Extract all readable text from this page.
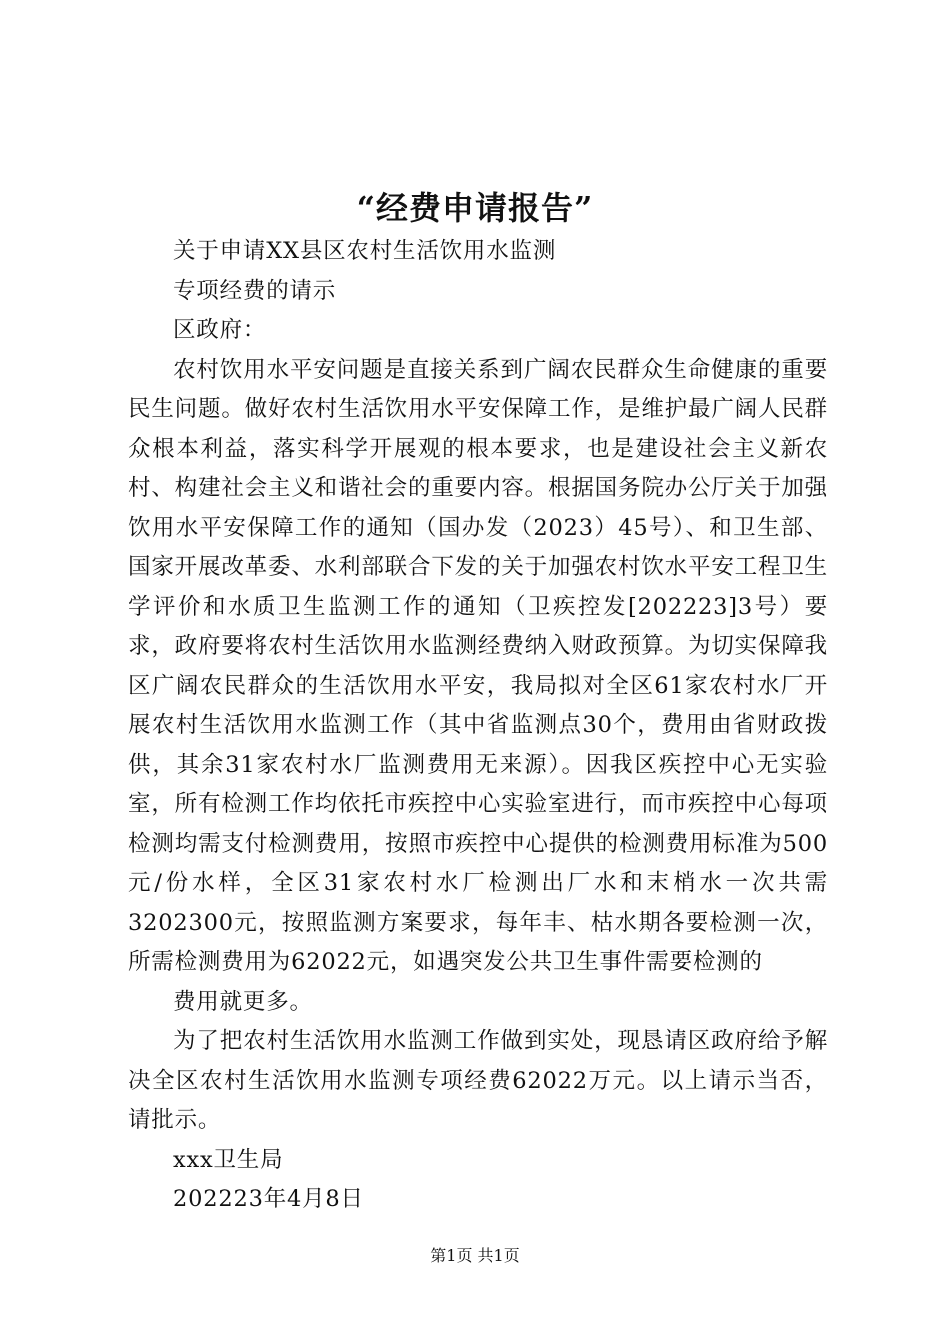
“经费申请报告”

关于申请XX县区农村生活饮用水监测

专项经费的请示

区政府：

农村饮用水平安问题是直接关系到广阔农民群众生命健康的重要民生问题。做好农村生活饮用水平安保障工作，是维护最广阔人民群众根本利益，落实科学开展观的根本要求，也是建设社会主义新农村、构建社会主义和谐社会的重要内容。根据国务院办公厅关于加强饮用水平安保障工作的通知（国办发（2023）45号）、和卫生部、国家开展改革委、水利部联合下发的关于加强农村饮水平安工程卫生学评价和水质卫生监测工作的通知（卫疾控发[202223]3号）要求，政府要将农村生活饮用水监测经费纳入财政预算。为切实保障我区广阔农民群众的生活饮用水平安，我局拟对全区61家农村水厂开展农村生活饮用水监测工作（其中省监测点30个，费用由省财政拨供，其余31家农村水厂监测费用无来源）。因我区疾控中心无实验室，所有检测工作均依托市疾控中心实验室进行，而市疾控中心每项检测均需支付检测费用，按照市疾控中心提供的检测费用标准为500元/份水样，全区31家农村水厂检测出厂水和末梢水一次共需3202300元，按照监测方案要求，每年丰、枯水期各要检测一次，所需检测费用为62022元，如遇突发公共卫生事件需要检测的

费用就更多。

为了把农村生活饮用水监测工作做到实处，现恳请区政府给予解决全区农村生活饮用水监测专项经费62022万元。以上请示当否，请批示。

xxx卫生局

202223年4月8日

第1页 共1页
